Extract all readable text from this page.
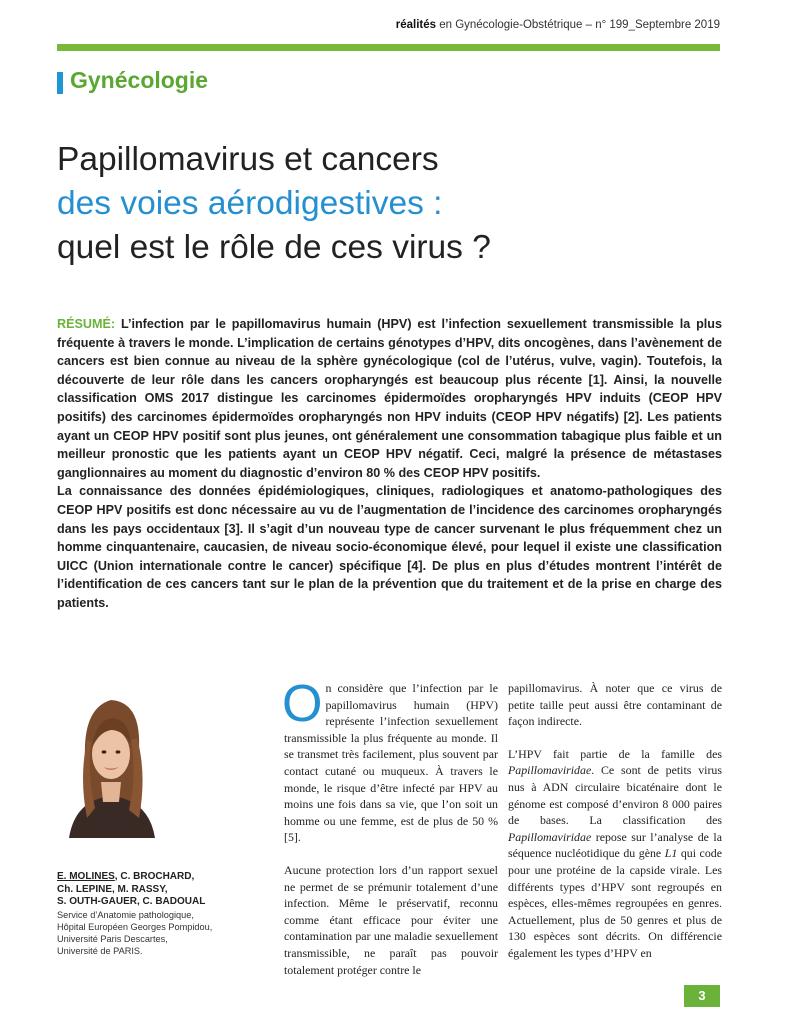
réalités en Gynécologie-Obstétrique – n° 199_Septembre 2019
Gynécologie
Papillomavirus et cancers
des voies aérodigestives :
quel est le rôle de ces virus ?

RÉSUMÉ: L’infection par le papillomavirus humain (HPV) est l’infection sexuellement transmissible la plus fréquente à travers le monde. L’implication de certains génotypes d’HPV, dits oncogènes, dans l’avènement de cancers est bien connue au niveau de la sphère gynécologique (col de l’utérus, vulve, vagin). Toutefois, la découverte de leur rôle dans les cancers oropharyngés est beaucoup plus récente [1]. Ainsi, la nouvelle classification OMS 2017 distingue les carcinomes épidermoïdes oropharyngés HPV induits (CEOP HPV positifs) des carcinomes épidermoïdes oropharyngés non HPV induits (CEOP HPV négatifs) [2]. Les patients ayant un CEOP HPV positif sont plus jeunes, ont généralement une consommation tabagique plus faible et un meilleur pronostic que les patients ayant un CEOP HPV négatif. Ceci, malgré la présence de métastases ganglionnaires au moment du diagnostic d’environ 80 % des CEOP HPV positifs.

La connaissance des données épidémiologiques, cliniques, radiologiques et anatomo-pathologiques des CEOP HPV positifs est donc nécessaire au vu de l’augmentation de l’incidence des carcinomes oropharyngés dans les pays occidentaux [3]. Il s’agit d’un nouveau type de cancer survenant le plus fréquemment chez un homme cinquantenaire, caucasien, de niveau socio-économique élevé, pour lequel il existe une classification UICC (Union internationale contre le cancer) spécifique [4]. De plus en plus d’études montrent l’intérêt de l’identification de ces cancers tant sur le plan de la prévention que du traitement et de la prise en charge des patients.

E. MOLINES, C. BROCHARD,
Ch. LEPINE, M. RASSY,
S. OUTH-GAUER, C. BADOUAL
Service d’Anatomie pathologique,
Hôpital Européen Georges Pompidou,
Université Paris Descartes,
Université de PARIS.

On considère que l’infection par le papillomavirus humain (HPV) représente l’infection sexuellement transmissible la plus fréquente au monde. Il se transmet très facilement, plus souvent par contact cutané ou muqueux. À travers le monde, le risque d’être infecté par HPV au moins une fois dans sa vie, que l’on soit un homme ou une femme, est de plus de 50 % [5].

Aucune protection lors d’un rapport sexuel ne permet de se prémunir totalement d’une infection. Même le préservatif, reconnu comme étant efficace pour éviter une contamination par une maladie sexuellement transmissible, ne paraît pas pouvoir totalement protéger contre le

papillomavirus. À noter que ce virus de petite taille peut aussi être contaminant de façon indirecte.

L’HPV fait partie de la famille des Papillomaviridae. Ce sont de petits virus nus à ADN circulaire bicaténaire dont le génome est composé d’environ 8 000 paires de bases. La classification des Papillomaviridae repose sur l’analyse de la séquence nucléotidique du gène L1 qui code pour une protéine de la capside virale. Les différents types d’HPV sont regroupés en espèces, elles-mêmes regroupées en genres. Actuellement, plus de 50 genres et plus de 130 espèces sont décrits. On différencie également les types d’HPV en

3
